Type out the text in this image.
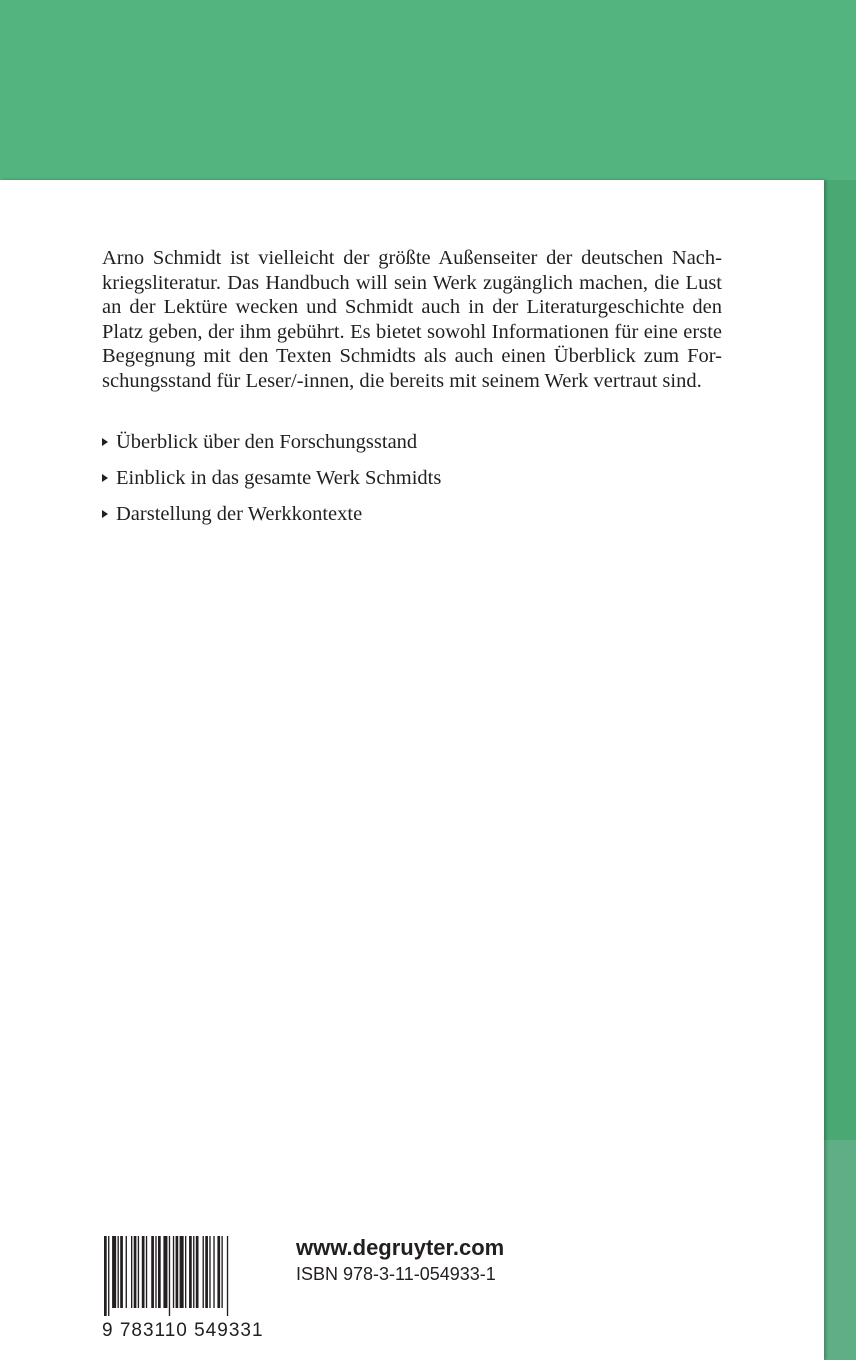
Arno Schmidt ist vielleicht der größte Außenseiter der deutschen Nach-
kriegsliteratur. Das Handbuch will sein Werk zugänglich machen, die Lust
an der Lektüre wecken und Schmidt auch in der Literaturgeschichte den
Platz geben, der ihm gebührt. Es bietet sowohl Informationen für eine erste
Begegnung mit den Texten Schmidts als auch einen Überblick zum For-
schungsstand für Leser/-innen, die bereits mit seinem Werk vertraut sind.

Überblick über den Forschungsstand
Einblick in das gesamte Werk Schmidts
Darstellung der Werkkontexte
9 783110 549331
www.degruyter.com
ISBN 978-3-11-054933-1
